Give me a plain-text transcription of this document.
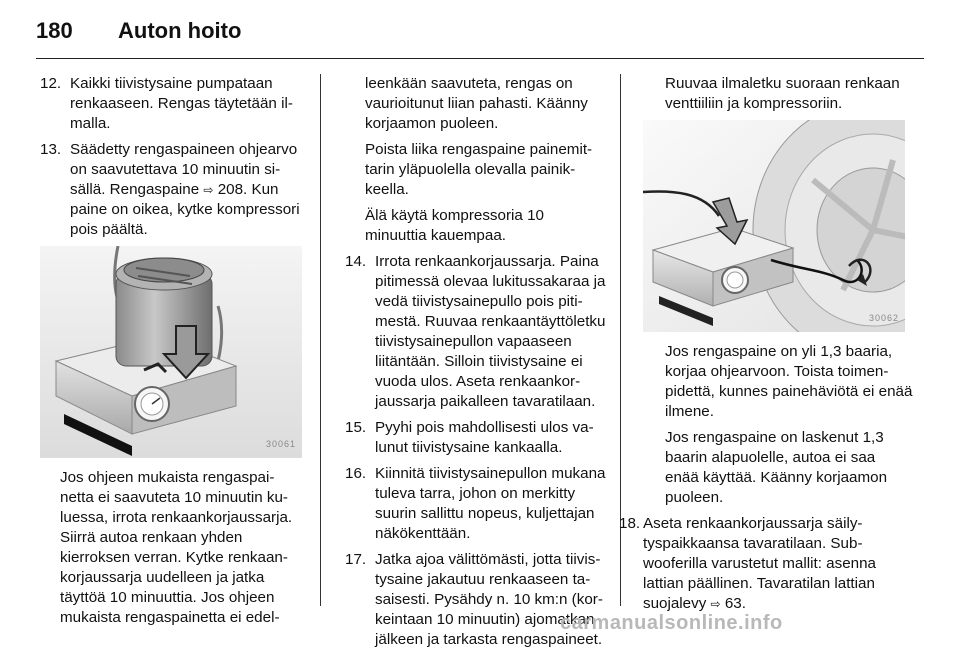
180 Auton hoito
12. Kaikki tiivistysaine pumpataan renkaaseen. Rengas täytetään ilmalla.
13. Säädetty rengaspaineen ohjearvo on saavutettava 10 minuutin sisällä. Rengaspaine ⇨ 208. Kun paine on oikea, kytke kompressori pois päältä.
30061

Jos ohjeen mukaista rengaspainetta ei saavuteta 10 minuutin kuluessa, irrota renkaankorjaussarja. Siirrä autoa renkaan yhden kierroksen verran. Kytke renkaankorjaussarja uudelleen ja jatka täyttöä 10 minuuttia. Jos ohjeen mukaista rengaspainetta ei edel-

leenkään saavuteta, rengas on vaurioitunut liian pahasti. Käänny korjaamon puoleen.

Poista liika rengaspaine painemittarin yläpuolella olevalla painikkeella.

Älä käytä kompressoria 10 minuuttia kauempaa.

14. Irrota renkaankorjaussarja. Paina pitimessä olevaa lukitussakaraa ja vedä tiivistysainepullo pois pitimestä. Ruuvaa renkaantäyttöletku tiivistysainepullon vapaaseen liitäntään. Silloin tiivistysaine ei vuoda ulos. Aseta renkaankorjaussarja paikalleen tavaratilaan.
15. Pyyhi pois mahdollisesti ulos valunut tiivistysaine kankaalla.
16. Kiinnitä tiivistysainepullon mukana tuleva tarra, johon on merkitty suurin sallittu nopeus, kuljettajan näkökenttään.
17. Jatka ajoa välittömästi, jotta tiivistysaine jakautuu renkaaseen tasaisesti. Pysähdy n. 10 km:n (korkeintaan 10 minuutin) ajomatkan jälkeen ja tarkasta rengaspaineet.

Ruuvaa ilmaletku suoraan renkaan venttiiliin ja kompressoriin.

30062

Jos rengaspaine on yli 1,3 baaria, korjaa ohjearvoon. Toista toimenpidettä, kunnes painehäviötä ei enää ilmene.

Jos rengaspaine on laskenut 1,3 baarin alapuolelle, autoa ei saa enää käyttää. Käänny korjaamon puoleen.

18. Aseta renkaankorjaussarja säilytyspaikkaansa tavaratilaan. Subwooferilla varustetut mallit: asenna lattian päällinen. Tavaratilan lattian suojalevy ⇨ 63.
carmanualsonline.info
